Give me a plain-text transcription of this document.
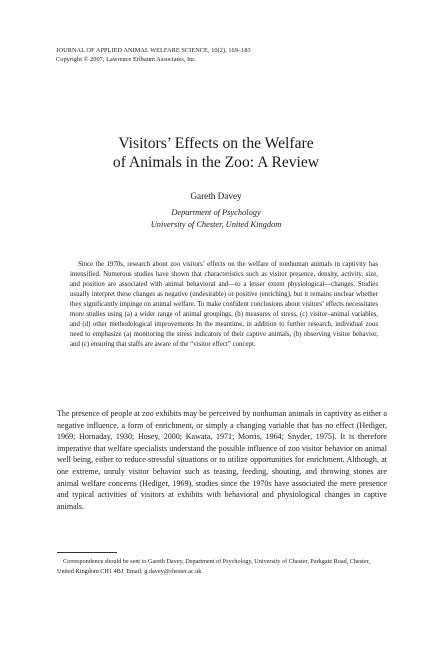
JOURNAL OF APPLIED ANIMAL WELFARE SCIENCE, 10(2), 169–183
Copyright © 2007, Lawrence Erlbaum Associates, Inc.
Visitors’ Effects on the Welfare
of Animals in the Zoo: A Review
Gareth Davey
Department of Psychology
University of Chester, United Kingdom

Since the 1970s, research about zoo visitors’ effects on the welfare of nonhuman animals in captivity has intensified. Numerous studies have shown that characteristics such as visitor presence, density, activity, size, and position are associated with animal behavioral and—to a lesser extent physiological—changes. Studies usually interpret these changes as negative (undesirable) or positive (enriching), but it remains unclear whether they significantly impinge on animal welfare. To make confident conclusions about visitors’ effects necessitates more studies using (a) a wider range of animal groupings, (b) measures of stress, (c) visitor–animal variables, and (d) other methodological improvements In the meantime, in addition to further research, individual zoos need to emphasize (a) monitoring the stress indicators of their captive animals, (b) observing visitor behavior, and (c) ensuring that staffs are aware of the “visitor effect” concept.

The presence of people at zoo exhibits may be perceived by nonhuman animals in captivity as either a negative influence, a form of enrichment, or simply a changing variable that has no effect (Hediger, 1969; Hornaday, 1930; Hosey, 2000; Kawata, 1971; Morris, 1964; Snyder, 1975). It is therefore imperative that welfare specialists understand the possible influence of zoo visitor behavior on animal well being, either to reduce stressful situations or to utilize opportunities for enrichment. Although, at one extreme, unruly visitor behavior such as teasing, feeding, shouting, and throwing stones are animal welfare concerns (Hediger, 1969), studies since the 1970s have associated the mere presence and typical activities of visitors at exhibits with behavioral and physiological changes in captive animals.

Correspondence should be sent to Gareth Davey, Department of Psychology, University of Chester, Parkgate Road, Chester, United Kingdom CH1 4BJ. Email: g.davey@chester.ac.uk
